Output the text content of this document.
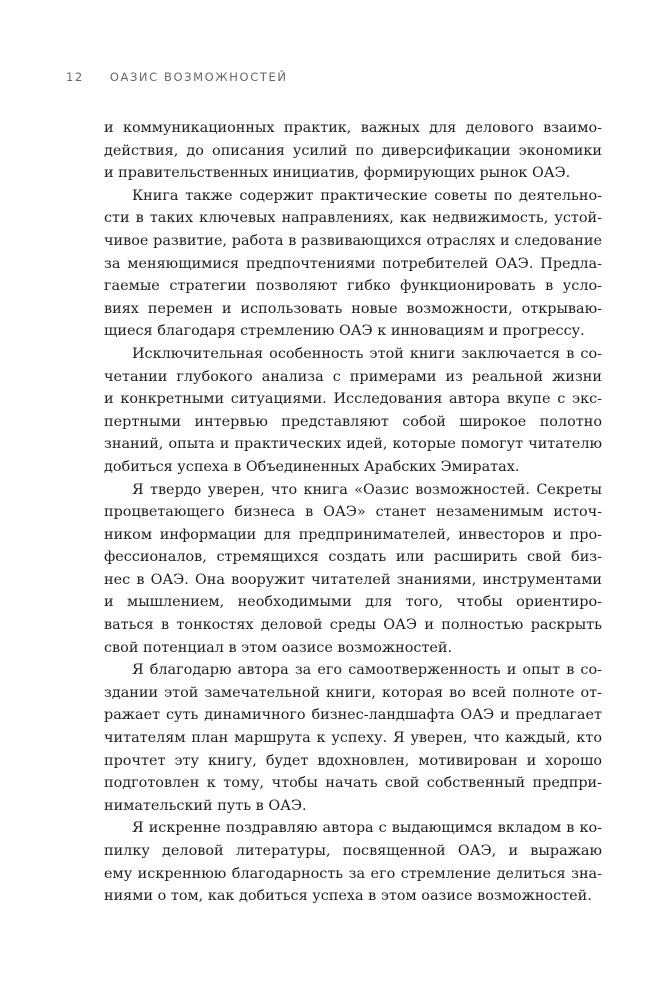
12 ОАЗИС ВОЗМОЖНОСТЕЙ
и коммуникационных практик, важных для делового взаимо-
действия, до описания усилий по диверсификации экономики
и правительственных инициатив, формирующих рынок ОАЭ.
Книга также содержит практические советы по деятельно-
сти в таких ключевых направлениях, как недвижимость, устой-
чивое развитие, работа в развивающихся отраслях и следование
за меняющимися предпочтениями потребителей ОАЭ. Предла-
гаемые стратегии позволяют гибко функционировать в усло-
виях перемен и использовать новые возможности, открываю-
щиеся благодаря стремлению ОАЭ к инновациям и прогрессу.
Исключительная особенность этой книги заключается в со-
четании глубокого анализа с примерами из реальной жизни
и конкретными ситуациями. Исследования автора вкупе с экс-
пертными интервью представляют собой широкое полотно
знаний, опыта и практических идей, которые помогут читателю
добиться успеха в Объединенных Арабских Эмиратах.
Я твердо уверен, что книга «Оазис возможностей. Секреты
процветающего бизнеса в ОАЭ» станет незаменимым источ-
ником информации для предпринимателей, инвесторов и про-
фессионалов, стремящихся создать или расширить свой биз-
нес в ОАЭ. Она вооружит читателей знаниями, инструментами
и мышлением, необходимыми для того, чтобы ориентиро-
ваться в тонкостях деловой среды ОАЭ и полностью раскрыть
свой потенциал в этом оазисе возможностей.
Я благодарю автора за его самоотверженность и опыт в со-
здании этой замечательной книги, которая во всей полноте от-
ражает суть динамичного бизнес-ландшафта ОАЭ и предлагает
читателям план маршрута к успеху. Я уверен, что каждый, кто
прочтет эту книгу, будет вдохновлен, мотивирован и хорошо
подготовлен к тому, чтобы начать свой собственный предпри-
нимательский путь в ОАЭ.
Я искренне поздравляю автора с выдающимся вкладом в ко-
пилку деловой литературы, посвященной ОАЭ, и выражаю
ему искреннюю благодарность за его стремление делиться зна-
ниями о том, как добиться успеха в этом оазисе возможностей.
